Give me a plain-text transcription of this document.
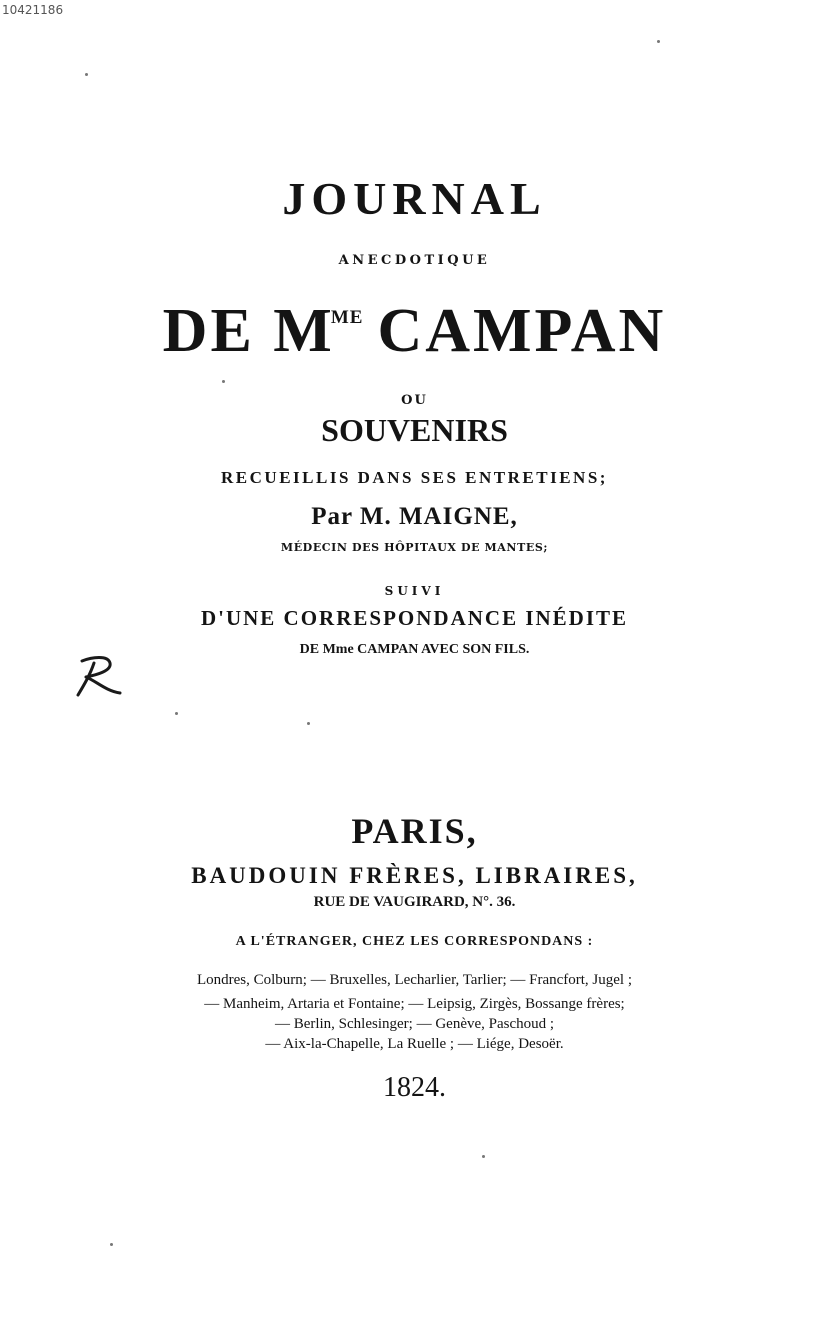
10421186
JOURNAL
ANECDOTIQUE
DE $M^{ME}$ CAMPAN
OU
SOUVENIRS
RECUEILLIS DANS SES ENTRETIENS;
Par M. MAIGNE,
MÉDECIN DES HÔPITAUX DE MANTES;
SUIVI
D'UNE CORRESPONDANCE INÉDITE
DE Mme CAMPAN AVEC SON FILS.
PARIS,
BAUDOUIN FRÈRES, LIBRAIRES,
RUE DE VAUGIRARD, N°. 36.
A L'ÉTRANGER, CHEZ LES CORRESPONDANS :
Londres, Colburn; — Bruxelles, Lecharlier, Tarlier; — Francfort, Jugel ;
— Manheim, Artaria et Fontaine; — Leipsig, Zirgès, Bossange frères;
— Berlin, Schlesinger; — Genève, Paschoud ;
— Aix-la-Chapelle, La Ruelle ; — Liége, Desoër.
1824.
